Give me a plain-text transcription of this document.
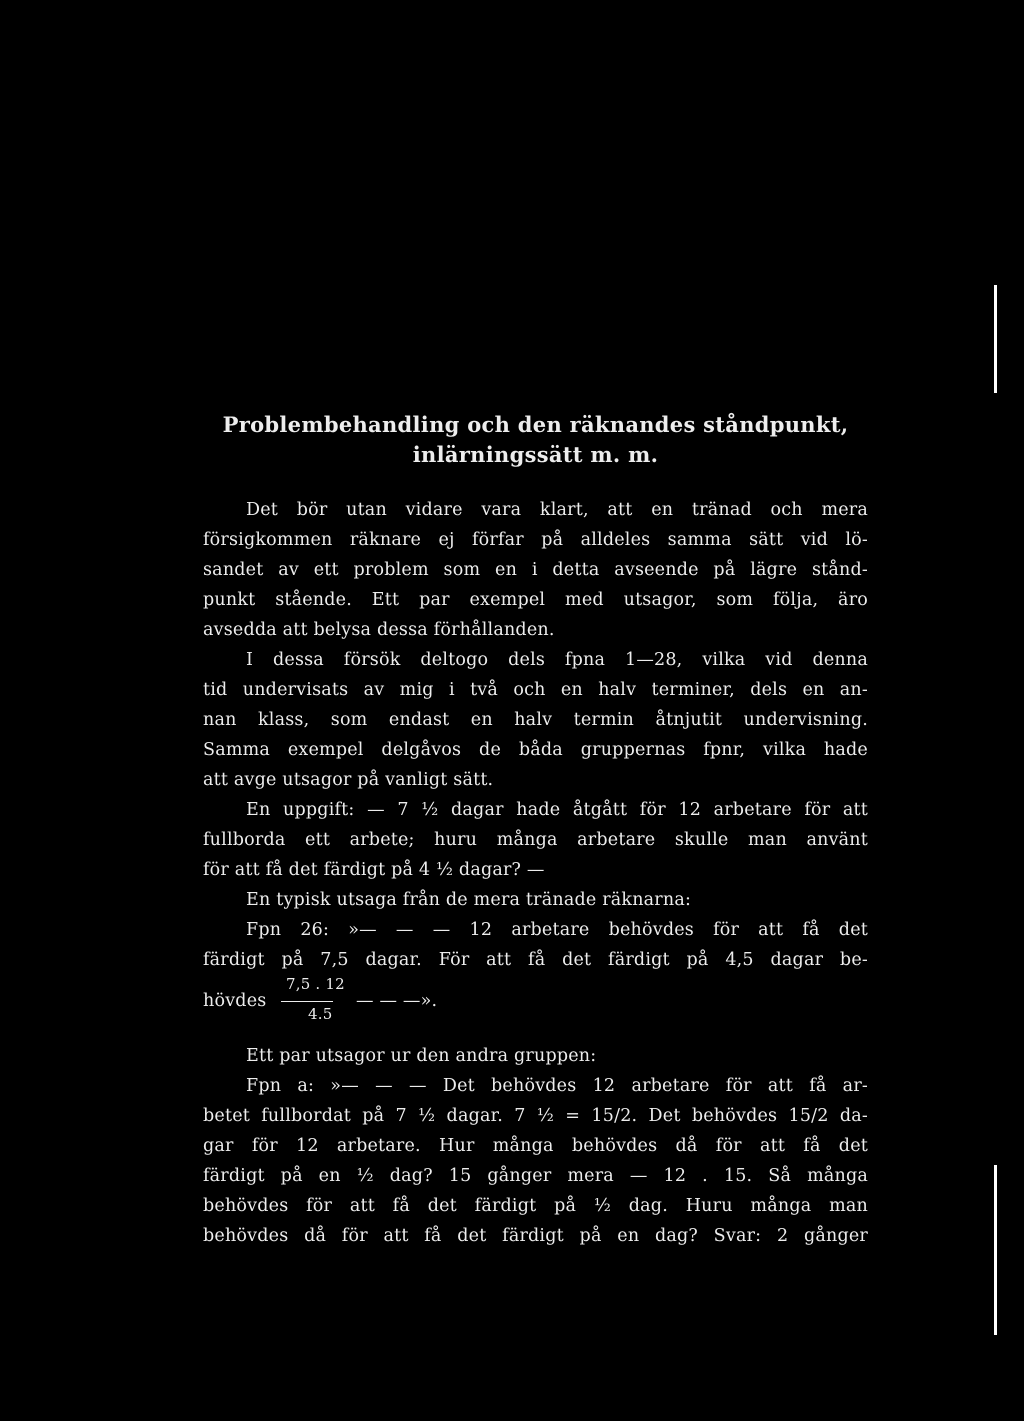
Problembehandling och den räknandes ståndpunkt,
inlärningssätt m. m.
Det bör utan vidare vara klart, att en tränad och mera
försigkommen räknare ej förfar på alldeles samma sätt vid lö-
sandet av ett problem som en i detta avseende på lägre stånd-
punkt stående. Ett par exempel med utsagor, som följa, äro
avsedda att belysa dessa förhållanden.
I dessa försök deltogo dels fpna 1—28, vilka vid denna
tid undervisats av mig i två och en halv terminer, dels en an-
nan klass, som endast en halv termin åtnjutit undervisning.
Samma exempel delgåvos de båda gruppernas fpnr, vilka hade
att avge utsagor på vanligt sätt.
En uppgift: — 7 ½ dagar hade åtgått för 12 arbetare för att
fullborda ett arbete; huru många arbetare skulle man använt
för att få det färdigt på 4 ½ dagar? —
En typisk utsaga från de mera tränade räknarna:
Fpn 26: »— — — 12 arbetare behövdes för att få det
färdigt på 7,5 dagar. För att få det färdigt på 4,5 dagar be-
hövdes
7,5 . 12
4.5
— — —».
Ett par utsagor ur den andra gruppen:
Fpn a: »— — — Det behövdes 12 arbetare för att få ar-
betet fullbordat på 7 ½ dagar. 7 ½ = 15/2. Det behövdes 15/2 da-
gar för 12 arbetare. Hur många behövdes då för att få det
färdigt på en ½ dag? 15 gånger mera — 12 . 15. Så många
behövdes för att få det färdigt på ½ dag. Huru många man
behövdes då för att få det färdigt på en dag? Svar: 2 gånger
